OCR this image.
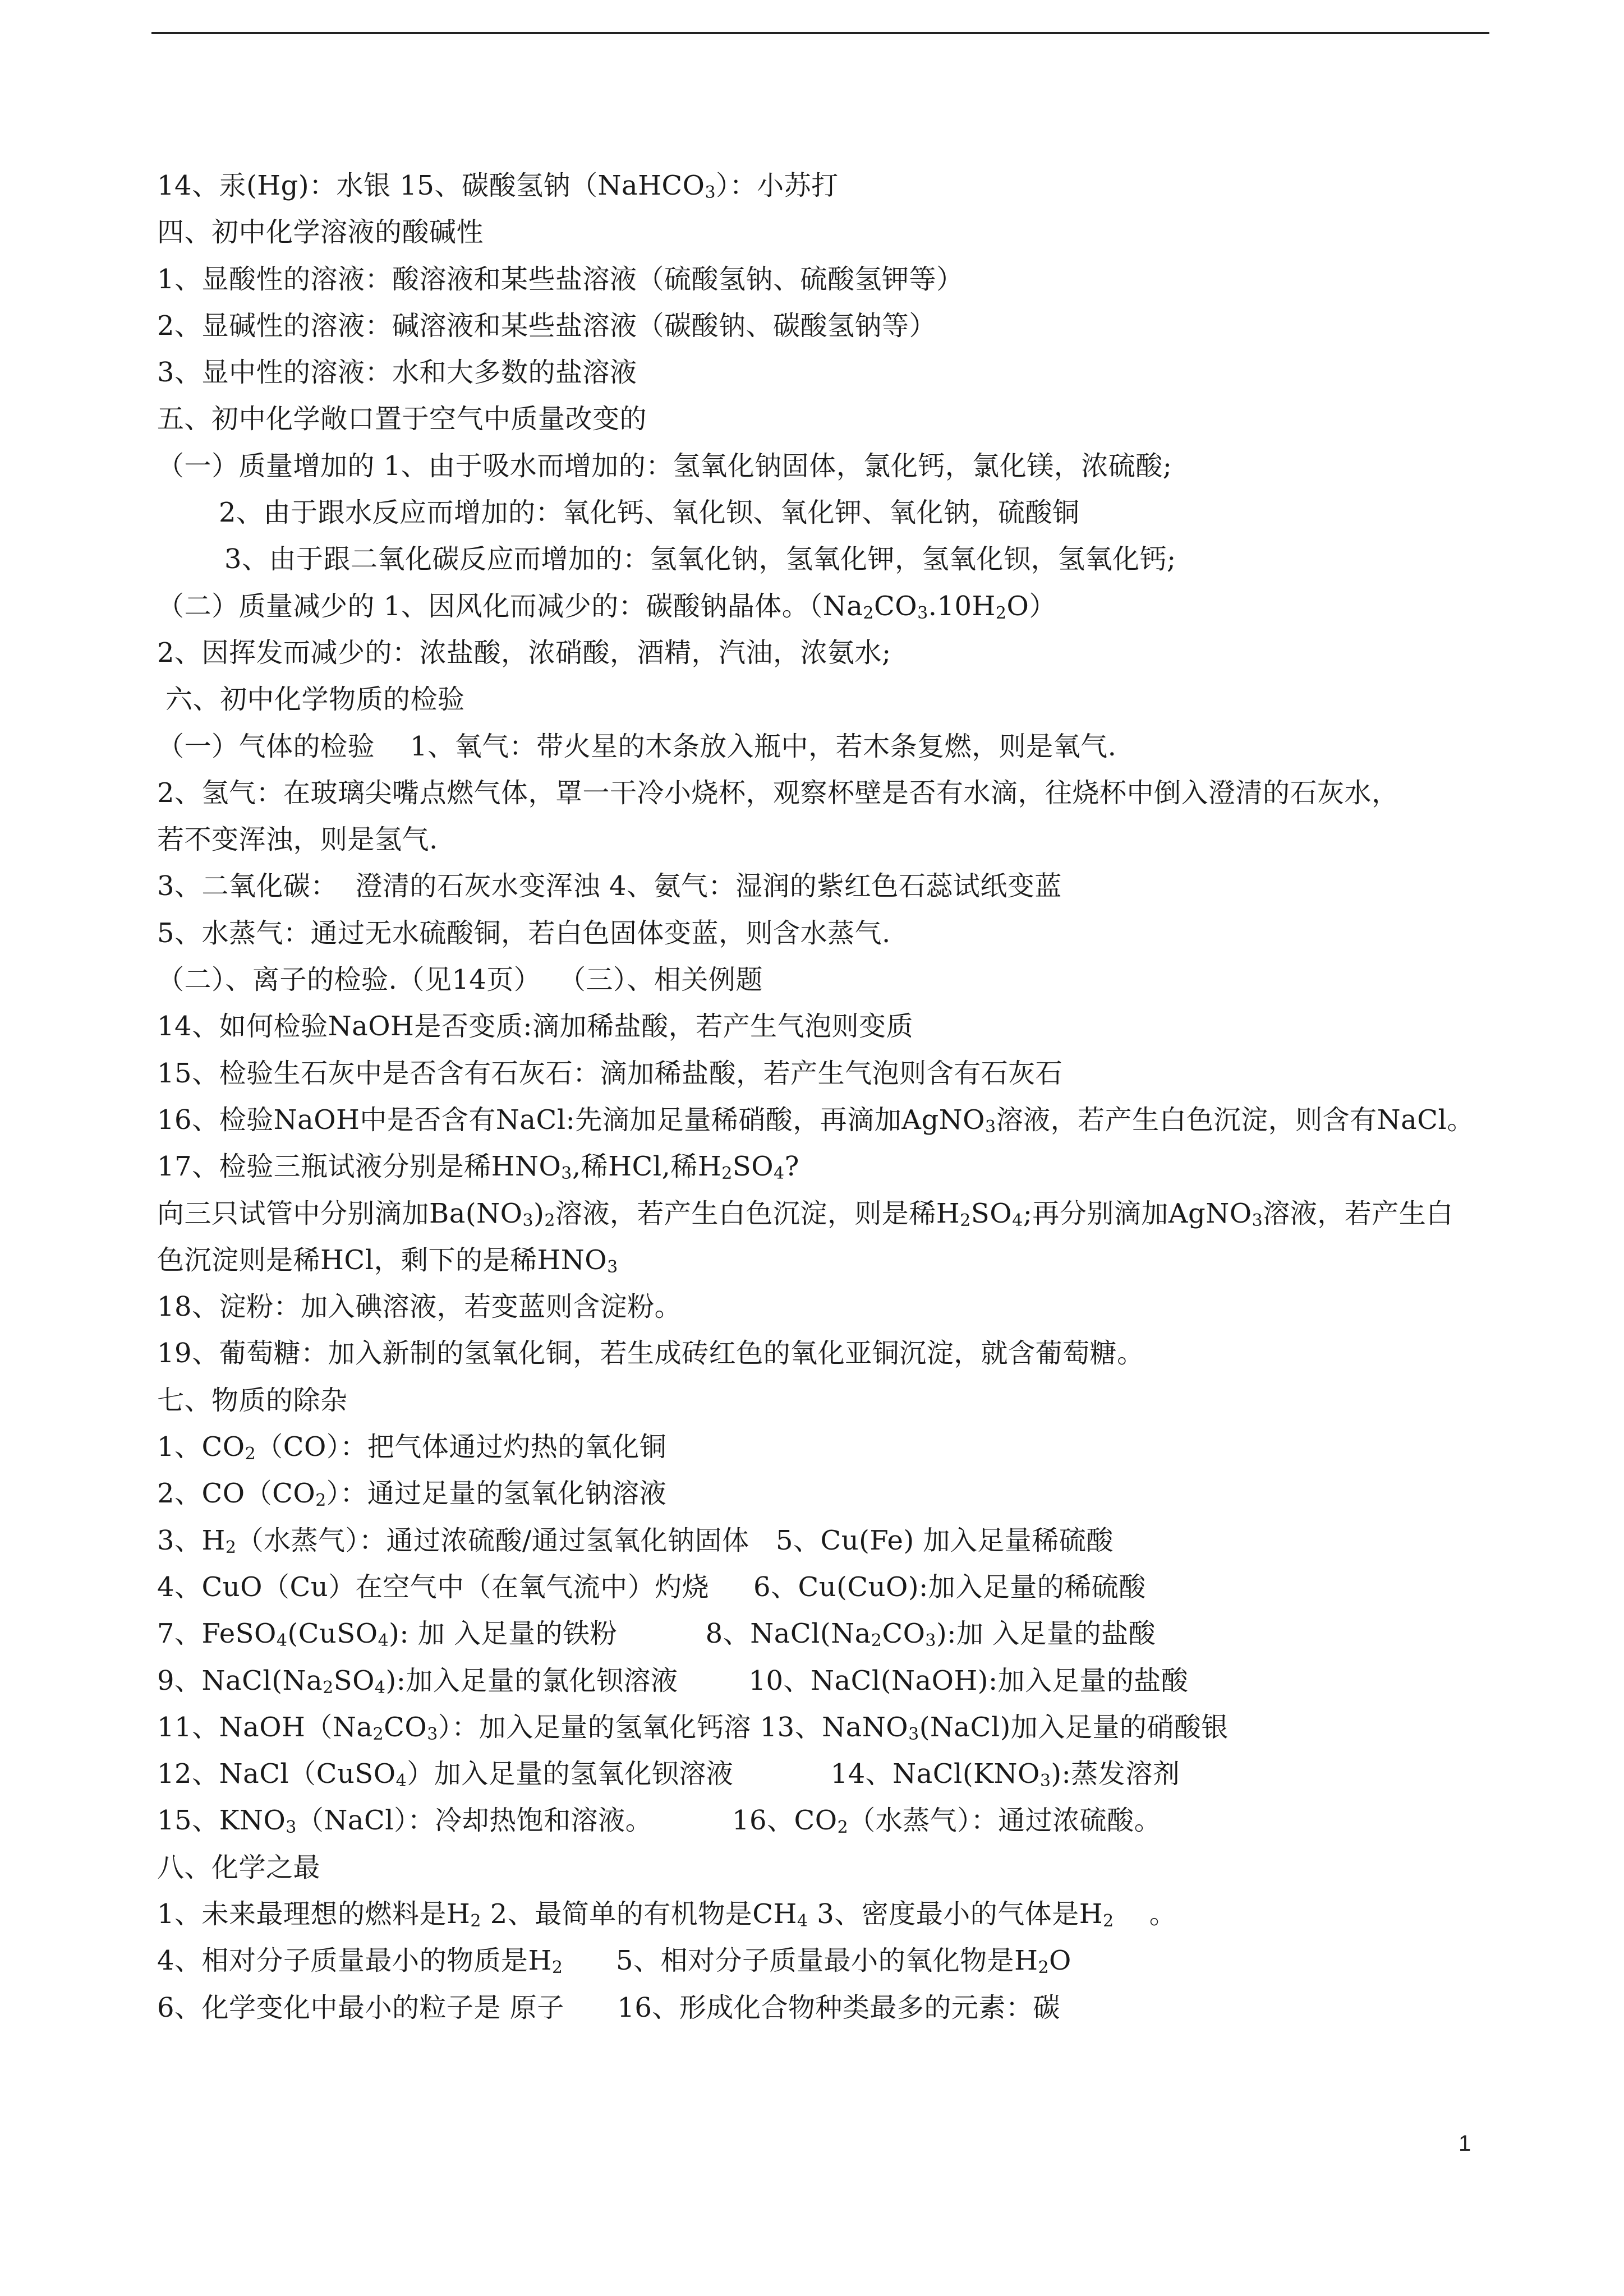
14、汞(Hg)：水银 15、碳酸氢钠（NaHCO$_3$）：小苏打
四、初中化学溶液的酸碱性
1、显酸性的溶液：酸溶液和某些盐溶液（硫酸氢钠、硫酸氢钾等）
2、显碱性的溶液：碱溶液和某些盐溶液（碳酸钠、碳酸氢钠等）
3、显中性的溶液：水和大多数的盐溶液
五、初中化学敞口置于空气中质量改变的
（一）质量增加的 1、由于吸水而增加的：氢氧化钠固体，氯化钙，氯化镁，浓硫酸;
2、由于跟水反应而增加的：氧化钙、氧化钡、氧化钾、氧化钠，硫酸铜
3、由于跟二氧化碳反应而增加的：氢氧化钠，氢氧化钾，氢氧化钡，氢氧化钙;
（二）质量减少的 1、因风化而减少的：碳酸钠晶体。$(Na_2CO_3.10H_2O)$
2、因挥发而减少的：浓盐酸，浓硝酸，酒精，汽油，浓氨水;
六、初中化学物质的检验
（一）气体的检验    1、氧气：带火星的木条放入瓶中，若木条复燃，则是氧气.
2、氢气：在玻璃尖嘴点燃气体，罩一干冷小烧杯，观察杯壁是否有水滴，往烧杯中倒入澄清的石灰水，
若不变浑浊，则是氢气.
3、二氧化碳：  澄清的石灰水变浑浊 4、氨气：湿润的紫红色石蕊试纸变蓝
5、水蒸气：通过无水硫酸铜，若白色固体变蓝，则含水蒸气.
（二）、离子的检验.（见14页）  （三）、相关例题
14、如何检验NaOH是否变质:滴加稀盐酸，若产生气泡则变质
15、检验生石灰中是否含有石灰石：滴加稀盐酸，若产生气泡则含有石灰石
16、检验NaOH中是否含有NaCl:先滴加足量稀硝酸，再滴加AgNO$_3$溶液，若产生白色沉淀，则含有NaCl。
17、检验三瓶试液分别是稀$HNO_3$,稀HCl,稀$H_2SO_4$?
向三只试管中分别滴加$Ba(NO_3)_2$溶液，若产生白色沉淀，则是稀$H_2SO_4$;再分别滴加AgNO$_3$溶液，若产生白
色沉淀则是稀HCl，剩下的是稀$HNO_3$
18、淀粉：加入碘溶液，若变蓝则含淀粉。
19、葡萄糖：加入新制的氢氧化铜，若生成砖红色的氧化亚铜沉淀，就含葡萄糖。
七、物质的除杂
1、$CO_2(CO)$：把气体通过灼热的氧化铜
2、$CO(CO_2)$：通过足量的氢氧化钠溶液
3、$H_2$（水蒸气）：通过浓硫酸/通过氢氧化钠固体   5、Cu(Fe) 加入足量稀硫酸
4、CuO（Cu）在空气中（在氧气流中）灼烧     6、Cu(CuO):加入足量的稀硫酸
7、FeSO$_4$(CuSO$_4$): 加 入足量的铁粉          8、$NaCl(Na_2CO_3)$:加 入足量的盐酸
9、$NaCl(Na_2SO_4)$:加入足量的氯化钡溶液        10、NaCl(NaOH):加入足量的盐酸
11、$NaOH(Na_2CO_3)$：加入足量的氢氧化钙溶 13、NaNO$_3$(NaCl)加入足量的硝酸银
12、NaCl（CuSO$_4$）加入足量的氢氧化钡溶液           14、$NaCl(KNO_3)$:蒸发溶剂
15、$KNO_3(NaCl)$：冷却热饱和溶液。         16、$CO_2$（水蒸气）：通过浓硫酸。
八、化学之最
1、未来最理想的燃料是$H_2$ 2、最简单的有机物是$CH_4$ 3、密度最小的气体是$H_2$    。
4、相对分子质量最小的物质是$H_2$      5、相对分子质量最小的氧化物是$H_2O$
6、化学变化中最小的粒子是 原子      16、形成化合物种类最多的元素：碳
1
